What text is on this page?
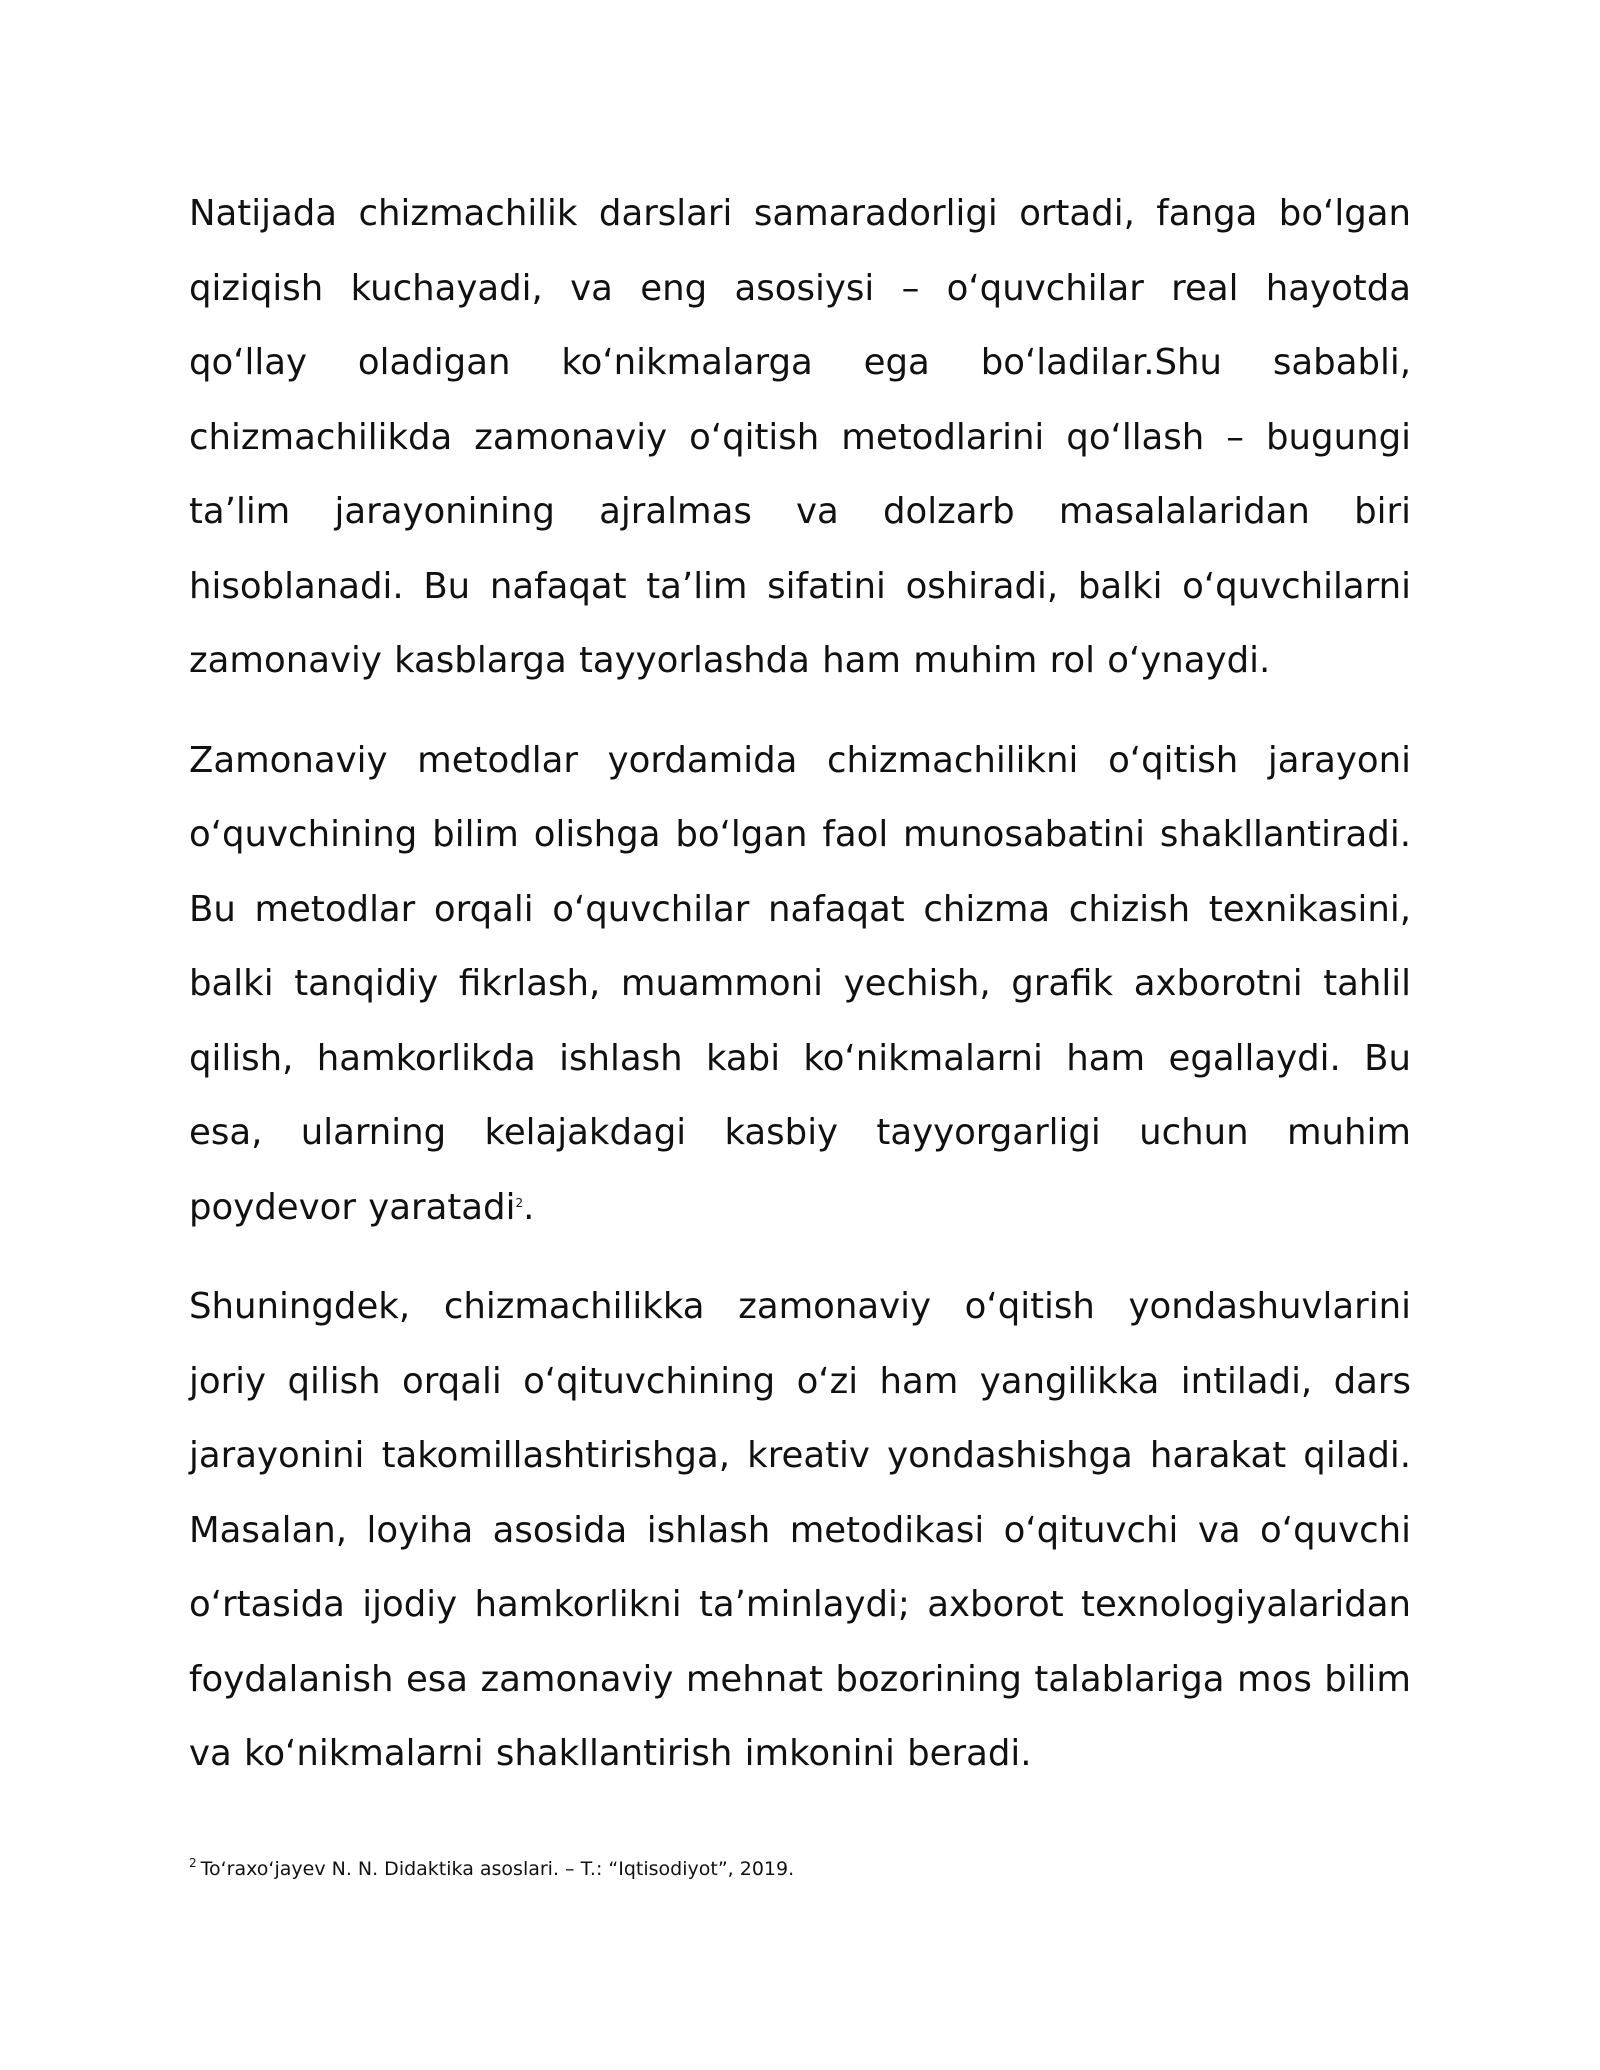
Natijada chizmachilik darslari samaradorligi ortadi, fanga boʻlgan qiziqish kuchayadi, va eng asosiysi – oʻquvchilar real hayotda qoʻllay oladigan koʻnikmalarga ega boʻladilar.Shu sababli, chizmachilikda zamonaviy oʻqitish metodlarini qoʻllash – bugungi taʼlim jarayonining ajralmas va dolzarb masalalaridan biri hisoblanadi. Bu nafaqat taʼlim sifatini oshiradi, balki oʻquvchilarni zamonaviy kasblarga tayyorlashda ham muhim rol oʻynaydi.

Zamonaviy metodlar yordamida chizmachilikni oʻqitish jarayoni oʻquvchining bilim olishga boʻlgan faol munosabatini shakllantiradi. Bu metodlar orqali oʻquvchilar nafaqat chizma chizish texnikasini, balki tanqidiy fikrlash, muammoni yechish, grafik axborotni tahlil qilish, hamkorlikda ishlash kabi koʻnikmalarni ham egallaydi. Bu esa, ularning kelajakdagi kasbiy tayyorgarligi uchun muhim poydevor yaratadi$^2$.

Shuningdek, chizmachilikka zamonaviy oʻqitish yondashuvlarini joriy qilish orqali oʻqituvchining oʻzi ham yangilikka intiladi, dars jarayonini takomillashtirishga, kreativ yondashishga harakat qiladi. Masalan, loyiha asosida ishlash metodikasi oʻqituvchi va oʻquvchi oʻrtasida ijodiy hamkorlikni taʼminlaydi; axborot texnologiyalaridan foydalanish esa zamonaviy mehnat bozorining talablariga mos bilim va koʻnikmalarni shakllantirish imkonini beradi.

$^2$ Toʻraxoʻjayev N. N. Didaktika asoslari. – T.: “Iqtisodiyot”, 2019.
